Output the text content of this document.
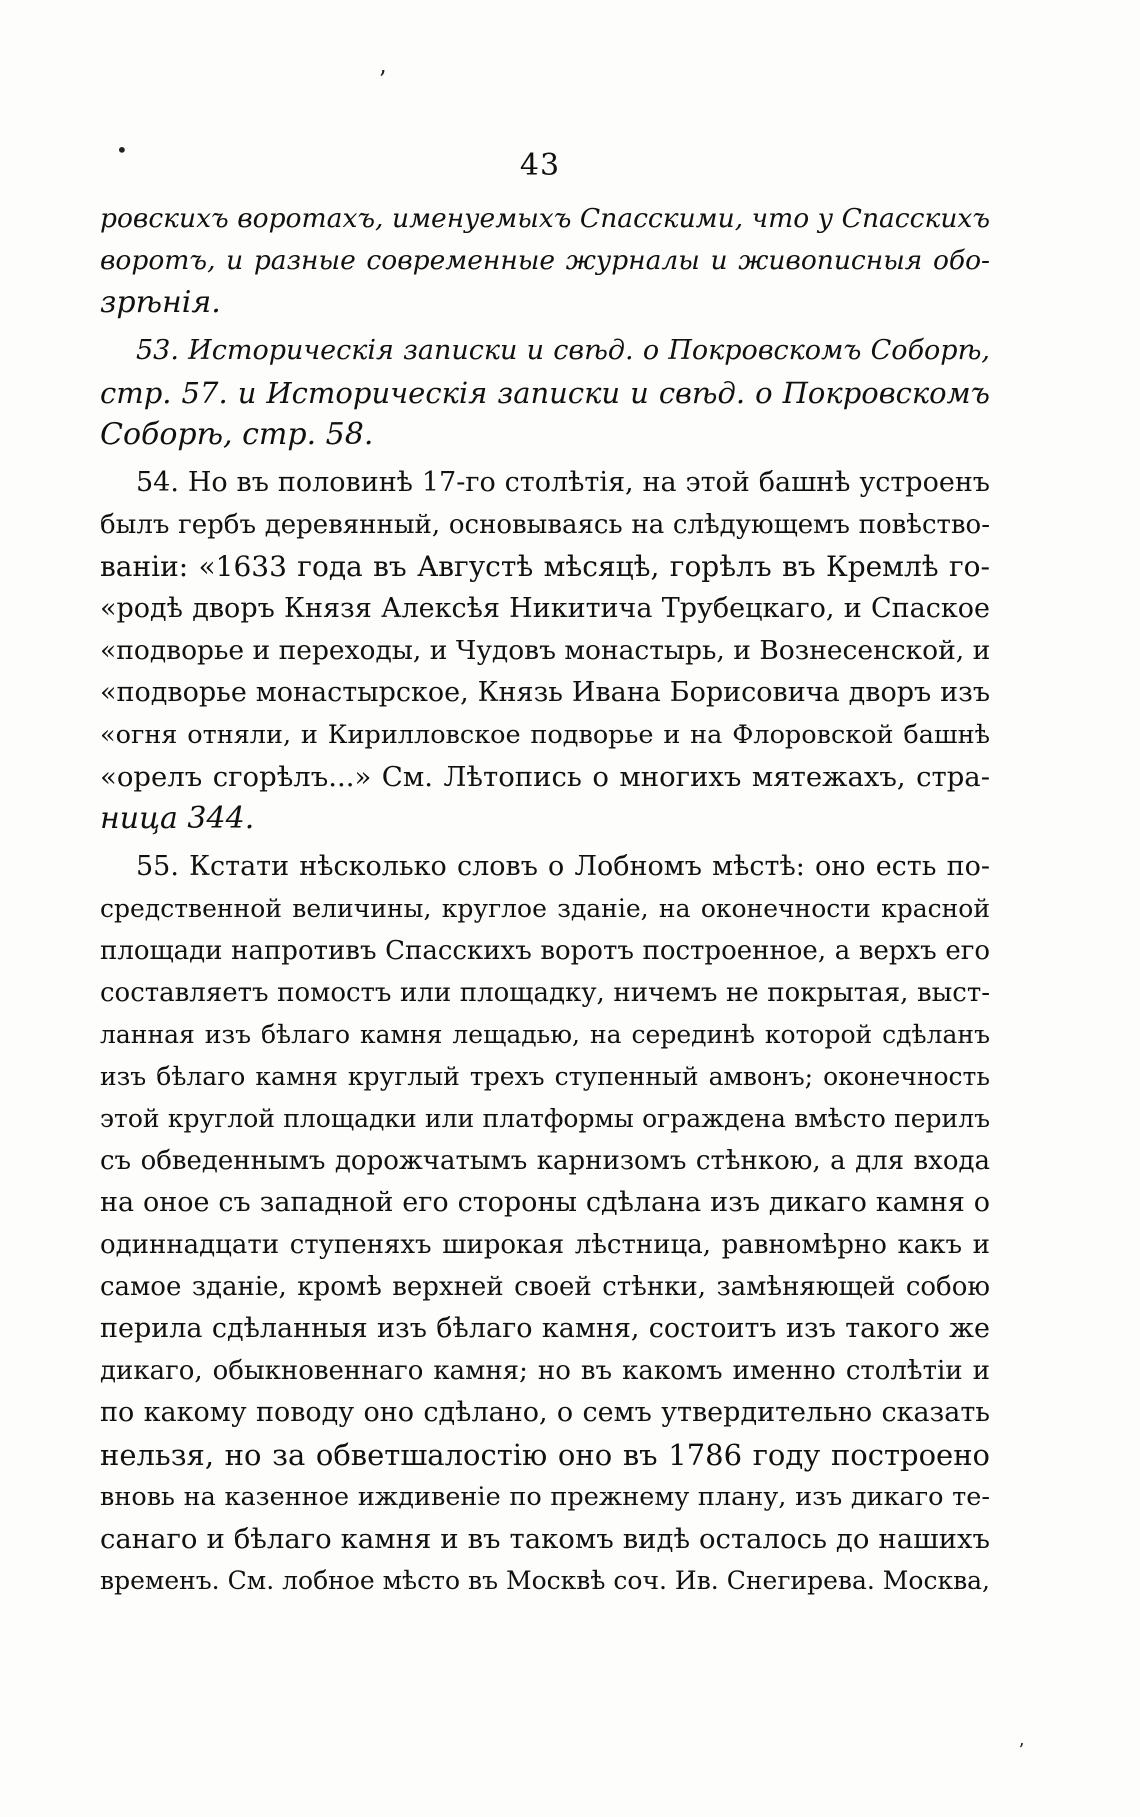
ʼ
•
ʼ
43
ровскихъ воротахъ, именуемыхъ Спасскими, что у Спасскихъ
воротъ, и разные современные журналы и живописныя обо-
зрѣнія.
53. Историческія записки и свѣд. о Покровскомъ Соборѣ,
стр. 57. и Историческія записки и свѣд. о Покровскомъ
Соборѣ, стр. 58.
54. Но въ половинѣ 17-го столѣтія, на этой башнѣ устроенъ
былъ гербъ деревянный, основываясь на слѣдующемъ повѣство-
ваніи: «1633 года въ Августѣ мѣсяцѣ, горѣлъ въ Кремлѣ го-
«родѣ дворъ Князя Алексѣя Никитича Трубецкаго, и Спаское
«подворье и переходы, и Чудовъ монастырь, и Вознесенской, и
«подворье монастырское, Князь Ивана Борисовича дворъ изъ
«огня отняли, и Кирилловское подворье и на Флоровской башнѣ
«орелъ сгорѣлъ...» См. Лѣтопись о многихъ мятежахъ, стра-
ница 344.
55. Кстати нѣсколько словъ о Лобномъ мѣстѣ: оно есть по-
средственной величины, круглое зданіе, на оконечности красной
площади напротивъ Спасскихъ воротъ построенное, а верхъ его
составляетъ помостъ или площадку, ничемъ не покрытая, выст-
ланная изъ бѣлаго камня лещадью, на серединѣ которой сдѣланъ
изъ бѣлаго камня круглый трехъ ступенный амвонъ; оконечность
этой круглой площадки или платформы ограждена вмѣсто перилъ
съ обведеннымъ дорожчатымъ карнизомъ стѣнкою, а для входа
на оное съ западной его стороны сдѣлана изъ дикаго камня о
одиннадцати ступеняхъ широкая лѣстница, равномѣрно какъ и
самое зданіе, кромѣ верхней своей стѣнки, замѣняющей собою
перила сдѣланныя изъ бѣлаго камня, состоитъ изъ такого же
дикаго, обыкновеннаго камня; но въ какомъ именно столѣтіи и
по какому поводу оно сдѣлано, о семъ утвердительно сказать
нельзя, но за обветшалостію оно въ 1786 году построено
вновь на казенное иждивеніе по прежнему плану, изъ дикаго те-
санаго и бѣлаго камня и въ такомъ видѣ осталось до нашихъ
временъ. См. лобное мѣсто въ Москвѣ соч. Ив. Снегирева. Москва,
